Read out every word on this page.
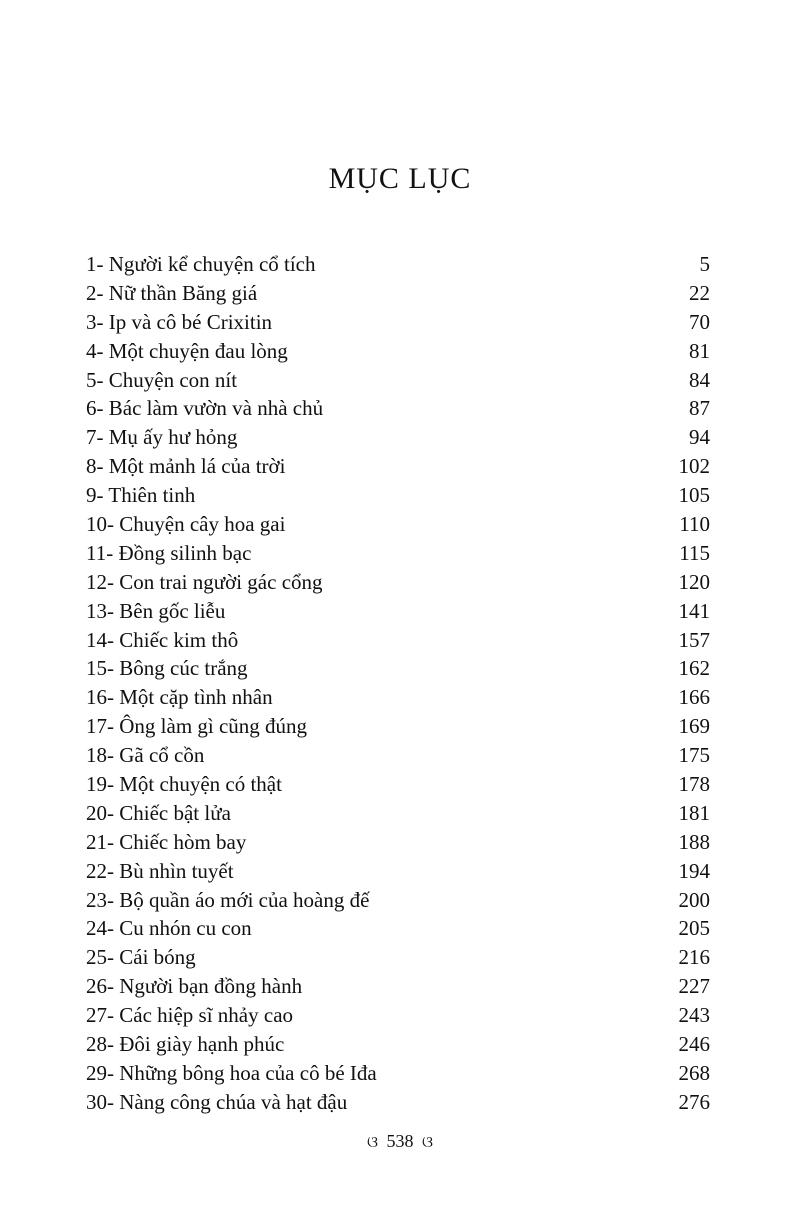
MỤC LỤC
1- Người kể chuyện cổ tích	5
2- Nữ thần Băng giá	22
3- Ip và cô bé Crixitin	70
4- Một chuyện đau lòng	81
5- Chuyện con nít	84
6- Bác làm vườn và nhà chủ	87
7- Mụ ấy hư hỏng	94
8- Một mảnh lá của trời	102
9- Thiên tinh	105
10- Chuyện cây hoa gai	110
11- Đồng silinh bạc	115
12- Con trai người gác cổng	120
13- Bên gốc liễu	141
14- Chiếc kim thô	157
15- Bông cúc trắng	162
16- Một cặp tình nhân	166
17- Ông làm gì cũng đúng	169
18- Gã cổ cồn	175
19- Một chuyện có thật	178
20- Chiếc bật lửa	181
21- Chiếc hòm bay	188
22- Bù nhìn tuyết	194
23- Bộ quần áo mới của hoàng đế	200
24- Cu nhón cu con	205
25- Cái bóng	216
26- Người bạn đồng hành	227
27- Các hiệp sĩ nhảy cao	243
28- Đôi giày hạnh phúc	246
29- Những bông hoa của cô bé Iđa	268
30- Nàng công chúa và hạt đậu	276
ଓ 538 ଓ
